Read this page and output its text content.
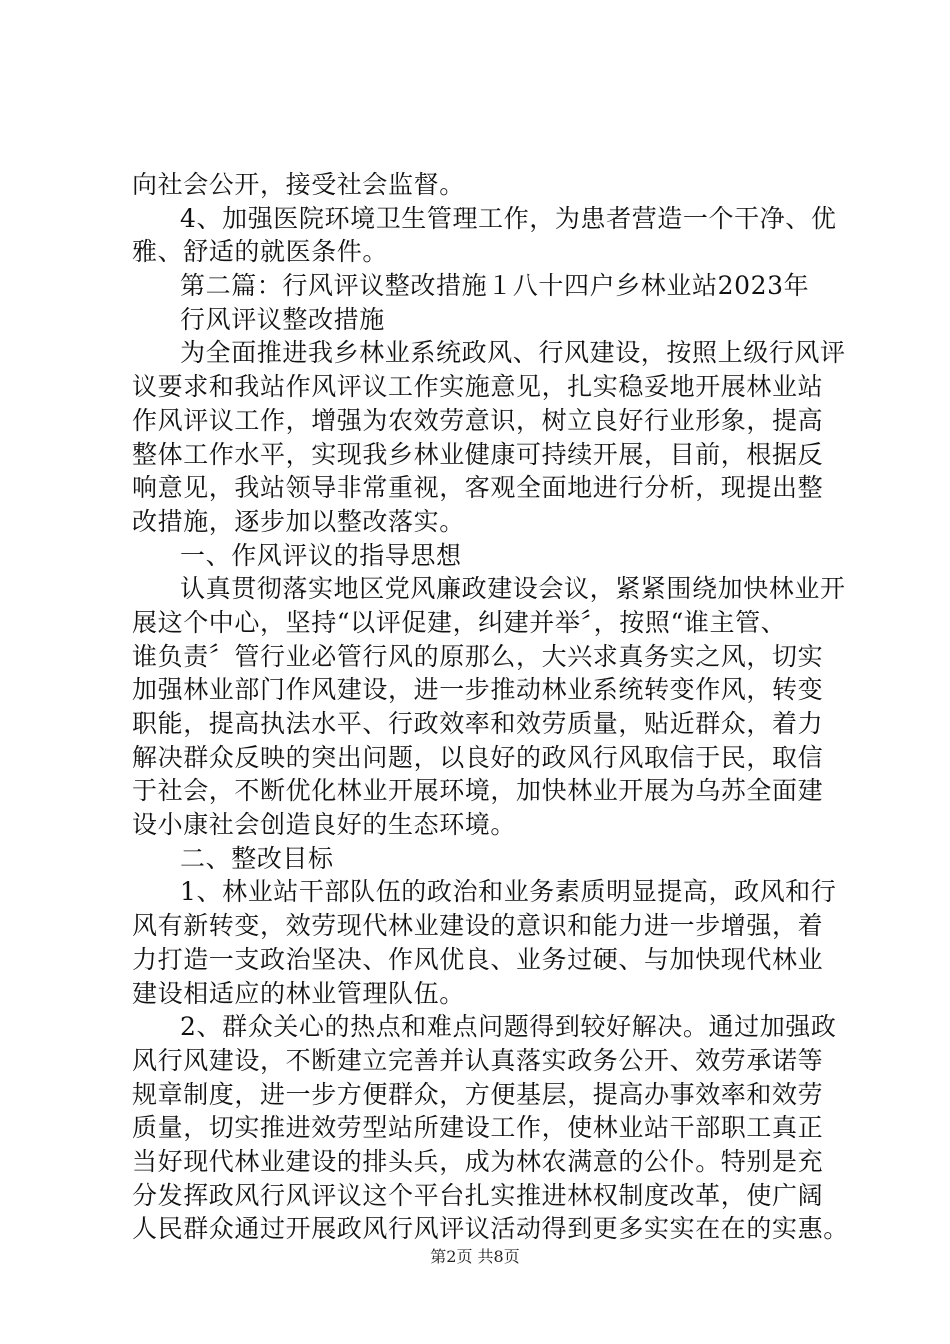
向社会公开，接受社会监督。

4、加强医院环境卫生管理工作，为患者营造一个干净、优

雅、舒适的就医条件。

第二篇：行风评议整改措施１八十四户乡林业站2023年

行风评议整改措施

为全面推进我乡林业系统政风、行风建设，按照上级行风评

议要求和我站作风评议工作实施意见，扎实稳妥地开展林业站

作风评议工作，增强为农效劳意识，树立良好行业形象，提高

整体工作水平，实现我乡林业健康可持续开展，目前，根据反

响意见，我站领导非常重视，客观全面地进行分析，现提出整

改措施，逐步加以整改落实。

一、作风评议的指导思想

认真贯彻落实地区党风廉政建设会议，紧紧围绕加快林业开

展这个中心，坚持“以评促建，纠建并举〞，按照“谁主管、

谁负责〞管行业必管行风的原那么，大兴求真务实之风，切实

加强林业部门作风建设，进一步推动林业系统转变作风，转变

职能，提高执法水平、行政效率和效劳质量，贴近群众，着力

解决群众反映的突出问题，以良好的政风行风取信于民，取信

于社会，不断优化林业开展环境，加快林业开展为乌苏全面建

设小康社会创造良好的生态环境。

二、整改目标

1、林业站干部队伍的政治和业务素质明显提高，政风和行

风有新转变，效劳现代林业建设的意识和能力进一步增强，着

力打造一支政治坚决、作风优良、业务过硬、与加快现代林业

建设相适应的林业管理队伍。

2、群众关心的热点和难点问题得到较好解决。通过加强政

风行风建设，不断建立完善并认真落实政务公开、效劳承诺等

规章制度，进一步方便群众，方便基层，提高办事效率和效劳

质量，切实推进效劳型站所建设工作，使林业站干部职工真正

当好现代林业建设的排头兵，成为林农满意的公仆。特别是充

分发挥政风行风评议这个平台扎实推进林权制度改革，使广阔

人民群众通过开展政风行风评议活动得到更多实实在在的实惠。

第2页 共8页
